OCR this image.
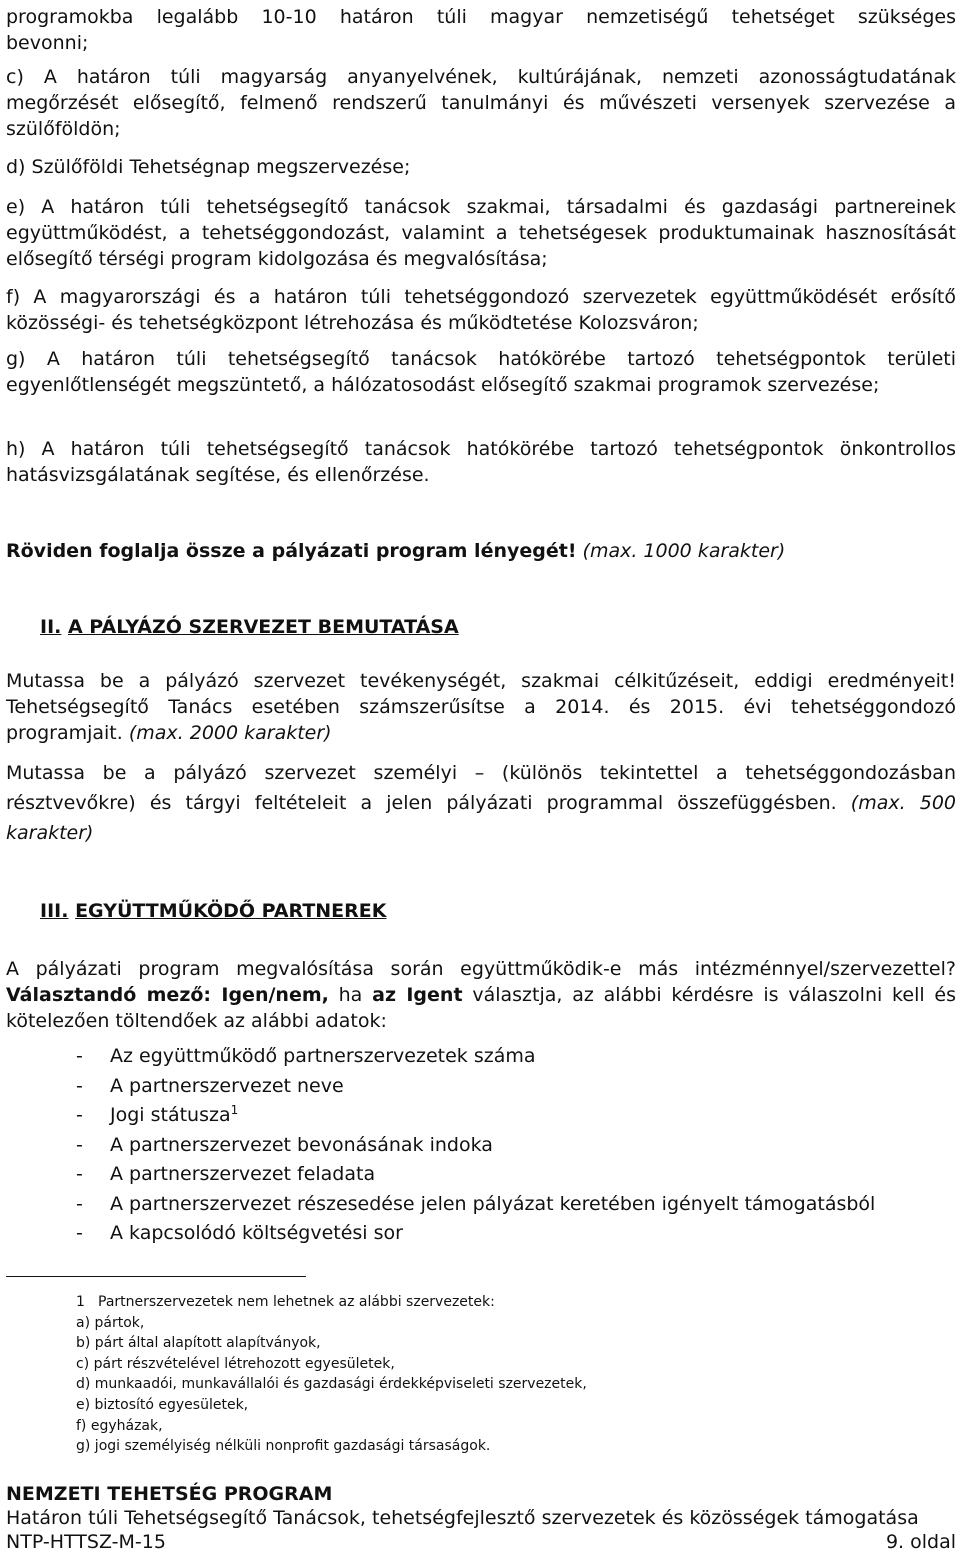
programokba legalább 10-10 határon túli magyar nemzetiségű tehetséget szükséges

bevonni;

c) A határon túli magyarság anyanyelvének, kultúrájának, nemzeti azonosságtudatának megőrzését elősegítő, felmenő rendszerű tanulmányi és művészeti versenyek szervezése a szülőföldön;

d) Szülőföldi Tehetségnap megszervezése;

e) A határon túli tehetségsegítő tanácsok szakmai, társadalmi és gazdasági partnereinek együttműködést, a tehetséggondozást, valamint a tehetségesek produktumainak hasznosítását elősegítő térségi program kidolgozása és megvalósítása;

f) A magyarországi és a határon túli tehetséggondozó szervezetek együttműködését erősítő közösségi- és tehetségközpont létrehozása és működtetése Kolozsváron;

g) A határon túli tehetségsegítő tanácsok hatókörébe tartozó tehetségpontok területi egyenlőtlenségét megszüntető, a hálózatosodást elősegítő szakmai programok szervezése;

h) A határon túli tehetségsegítő tanácsok hatókörébe tartozó tehetségpontok önkontrollos hatásvizsgálatának segítése, és ellenőrzése.

Röviden foglalja össze a pályázati program lényegét! (max. 1000 karakter)

II. A PÁLYÁZÓ SZERVEZET BEMUTATÁSA

Mutassa be a pályázó szervezet tevékenységét, szakmai célkitűzéseit, eddigi eredményeit! Tehetségsegítő Tanács esetében számszerűsítse a 2014. és 2015. évi tehetséggondozó programjait. (max. 2000 karakter)

Mutassa be a pályázó szervezet személyi – (különös tekintettel a tehetséggondozásban résztvevőkre) és tárgyi feltételeit a jelen pályázati programmal összefüggésben. (max. 500 karakter)

III. EGYÜTTMŰKÖDŐ PARTNEREK

A pályázati program megvalósítása során együttműködik-e más intézménnyel/szervezettel? Választandó mező: Igen/nem, ha az Igent választja, az alábbi kérdésre is válaszolni kell és kötelezően töltendőek az alábbi adatok:

- Az együttműködő partnerszervezetek száma
- A partnerszervezet neve
- Jogi státusza$^1$
- A partnerszervezet bevonásának indoka
- A partnerszervezet feladata
- A partnerszervezet részesedése jelen pályázat keretében igényelt támogatásból
- A kapcsolódó költségvetési sor
1 Partnerszervezetek nem lehetnek az alábbi szervezetek:
a) pártok,
b) párt által alapított alapítványok,
c) párt részvételével létrehozott egyesületek,
d) munkaadói, munkavállalói és gazdasági érdekképviseleti szervezetek,
e) biztosító egyesületek,
f) egyházak,
g) jogi személyiség nélküli nonprofit gazdasági társaságok.
NEMZETI TEHETSÉG PROGRAM
Határon túli Tehetségsegítő Tanácsok, tehetségfejlesztő szervezetek és közösségek támogatása
NTP-HTTSZ-M-15	9. oldal
